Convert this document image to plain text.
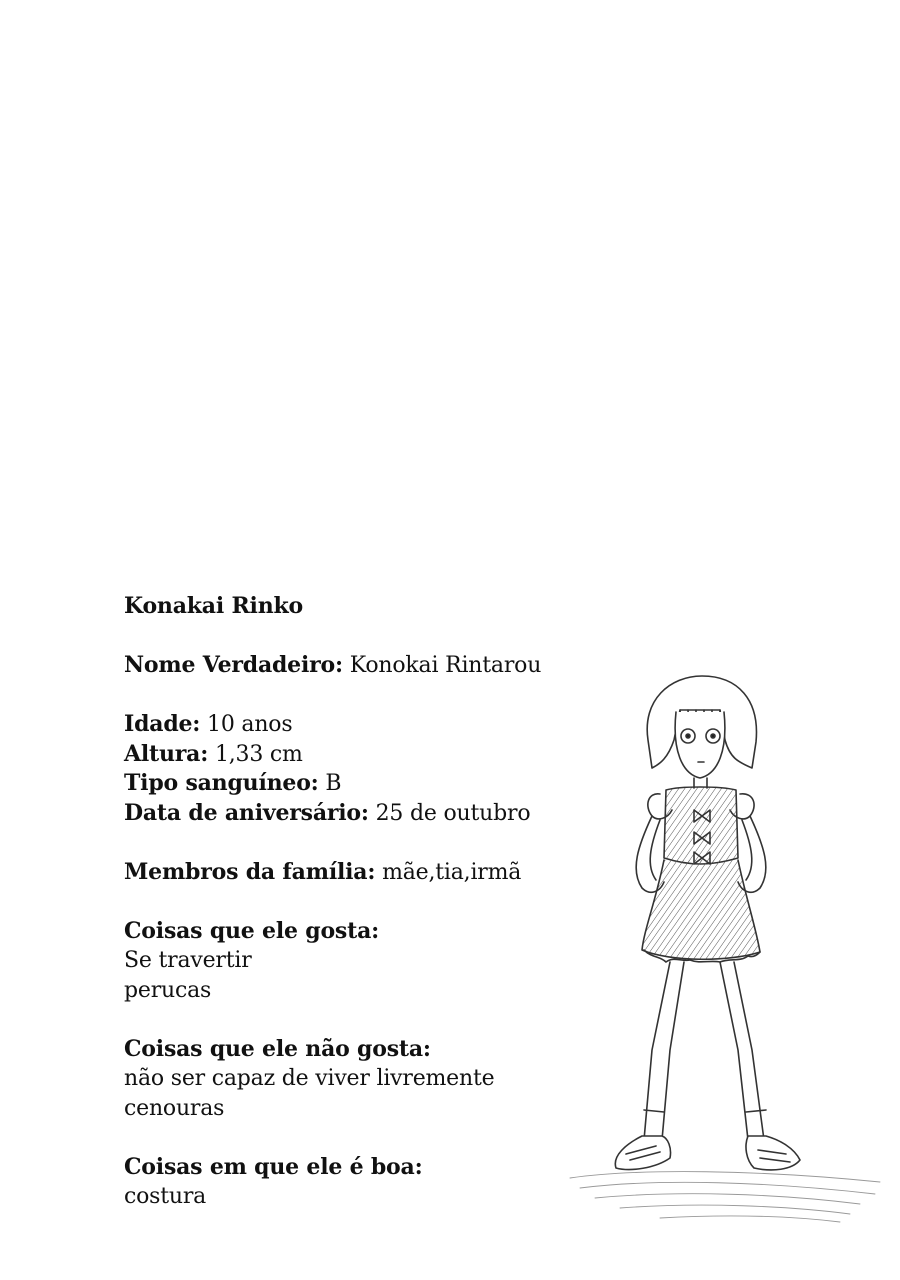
Konakai Rinko
Nome Verdadeiro: Konokai Rintarou
Idade: 10 anos
Altura: 1,33 cm
Tipo sanguíneo: B
Data de aniversário: 25 de outubro
Membros da família: mãe,tia,irmã
Coisas que ele gosta:
Se travertir
perucas
Coisas que ele não gosta:
não ser capaz de viver livremente
cenouras
Coisas em que ele é boa:
costura
